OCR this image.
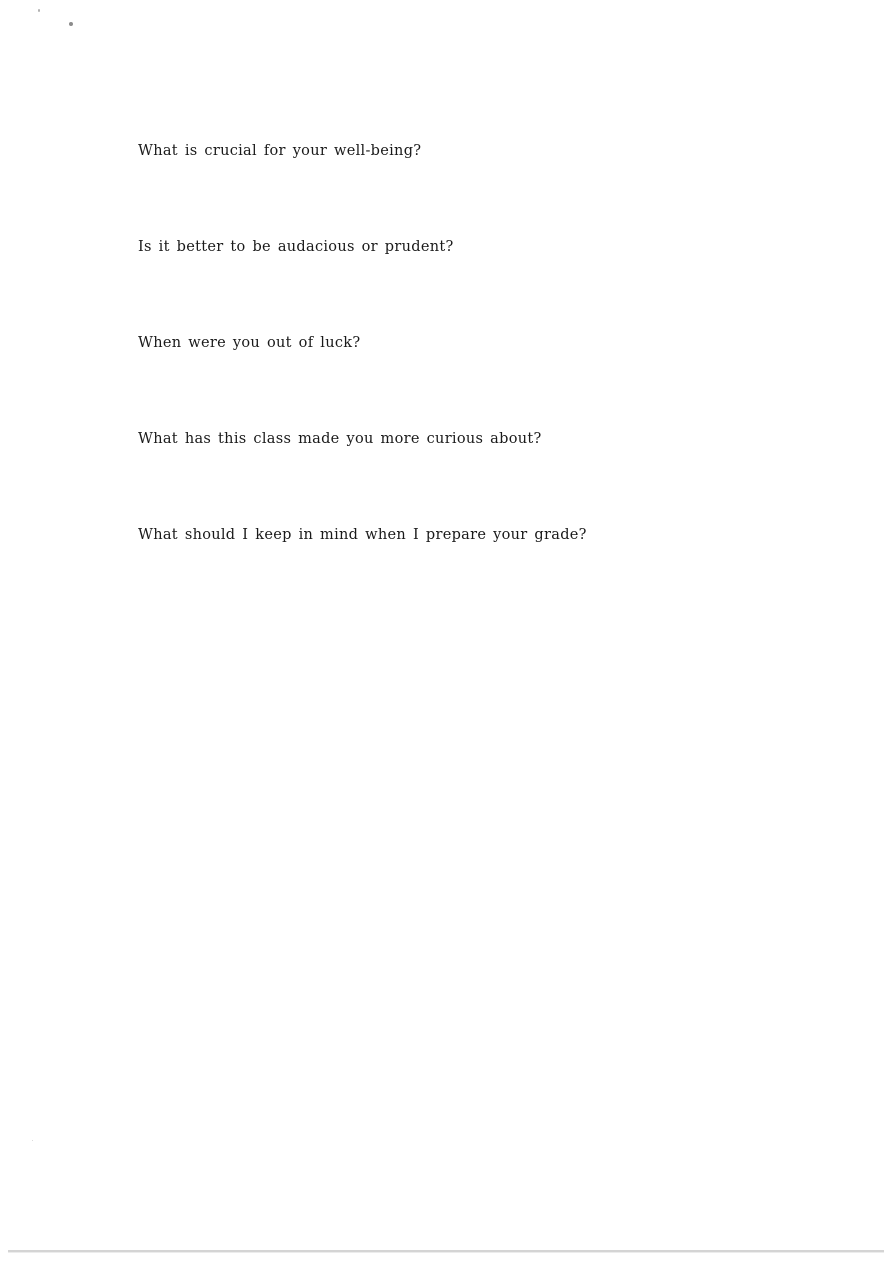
What is crucial for your well-being?
Is it better to be audacious or prudent?
When were you out of luck?
What has this class made you more curious about?
What should I keep in mind when I prepare your grade?
